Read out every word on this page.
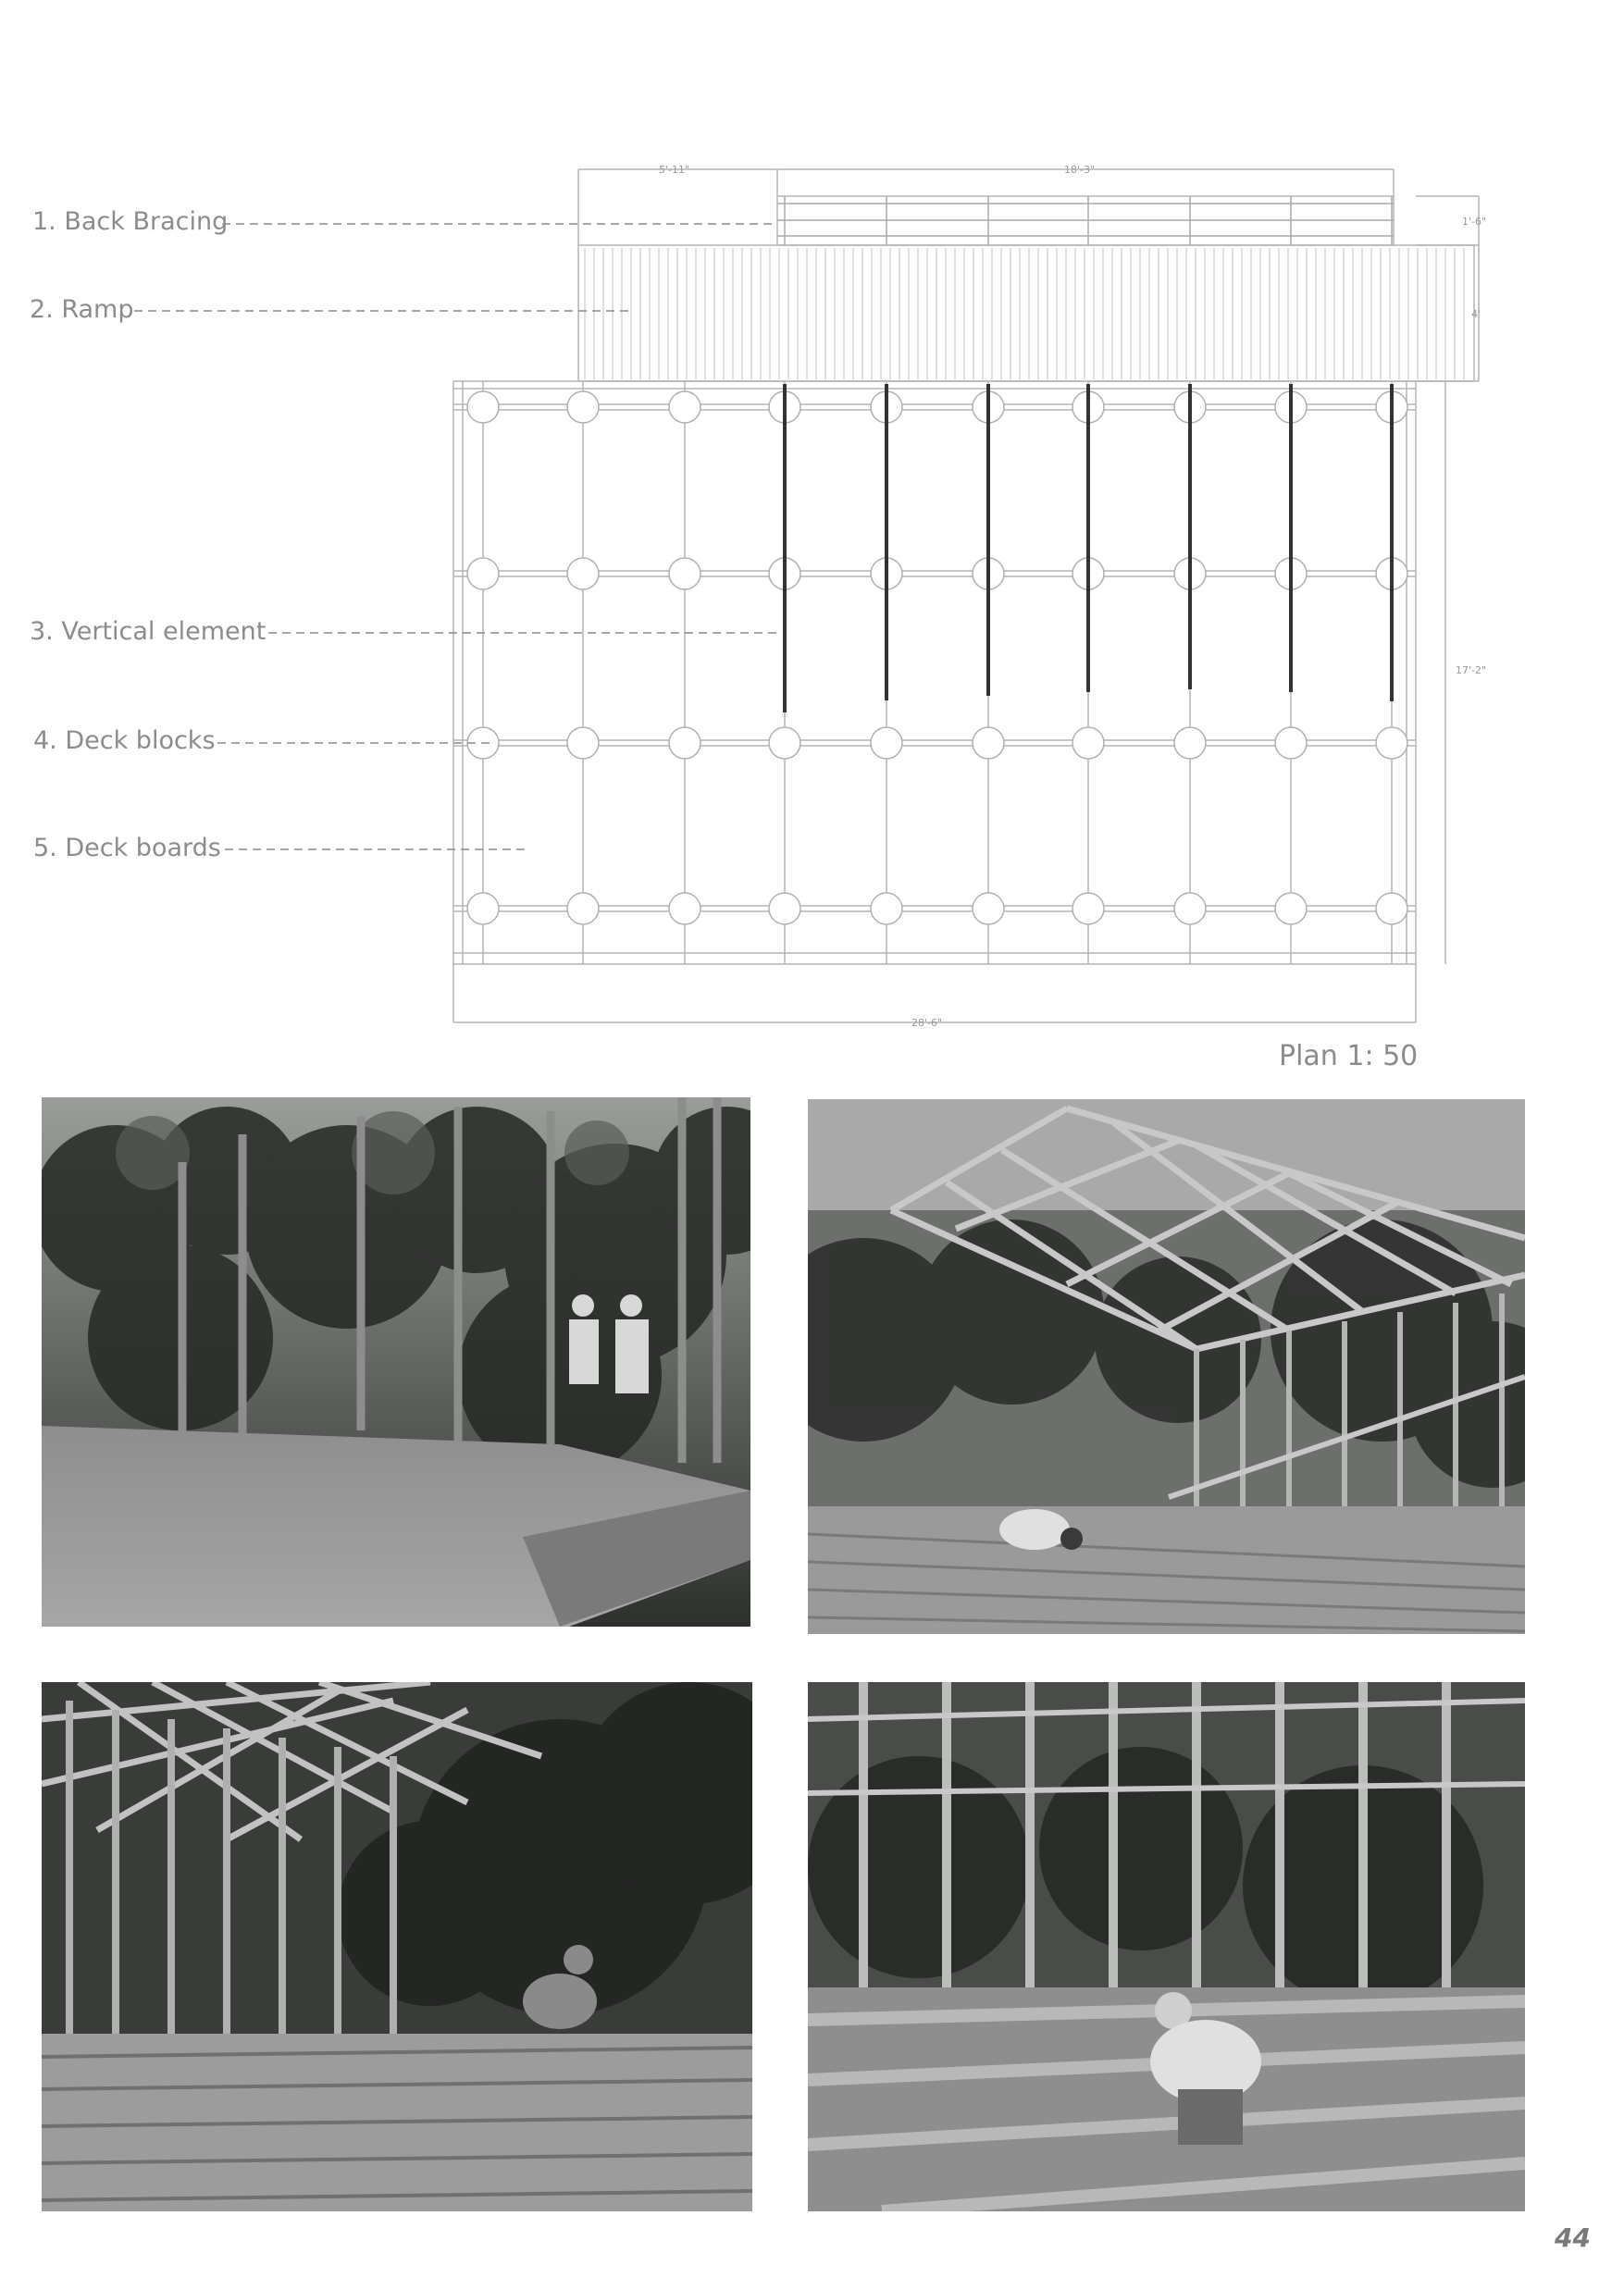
5'-11"	18'-3"
1'-6"
4'
17'-2"
28'-6"
1. Back Bracing
2. Ramp
3. Vertical element
4. Deck blocks
5. Deck boards
Plan 1: 50
44
